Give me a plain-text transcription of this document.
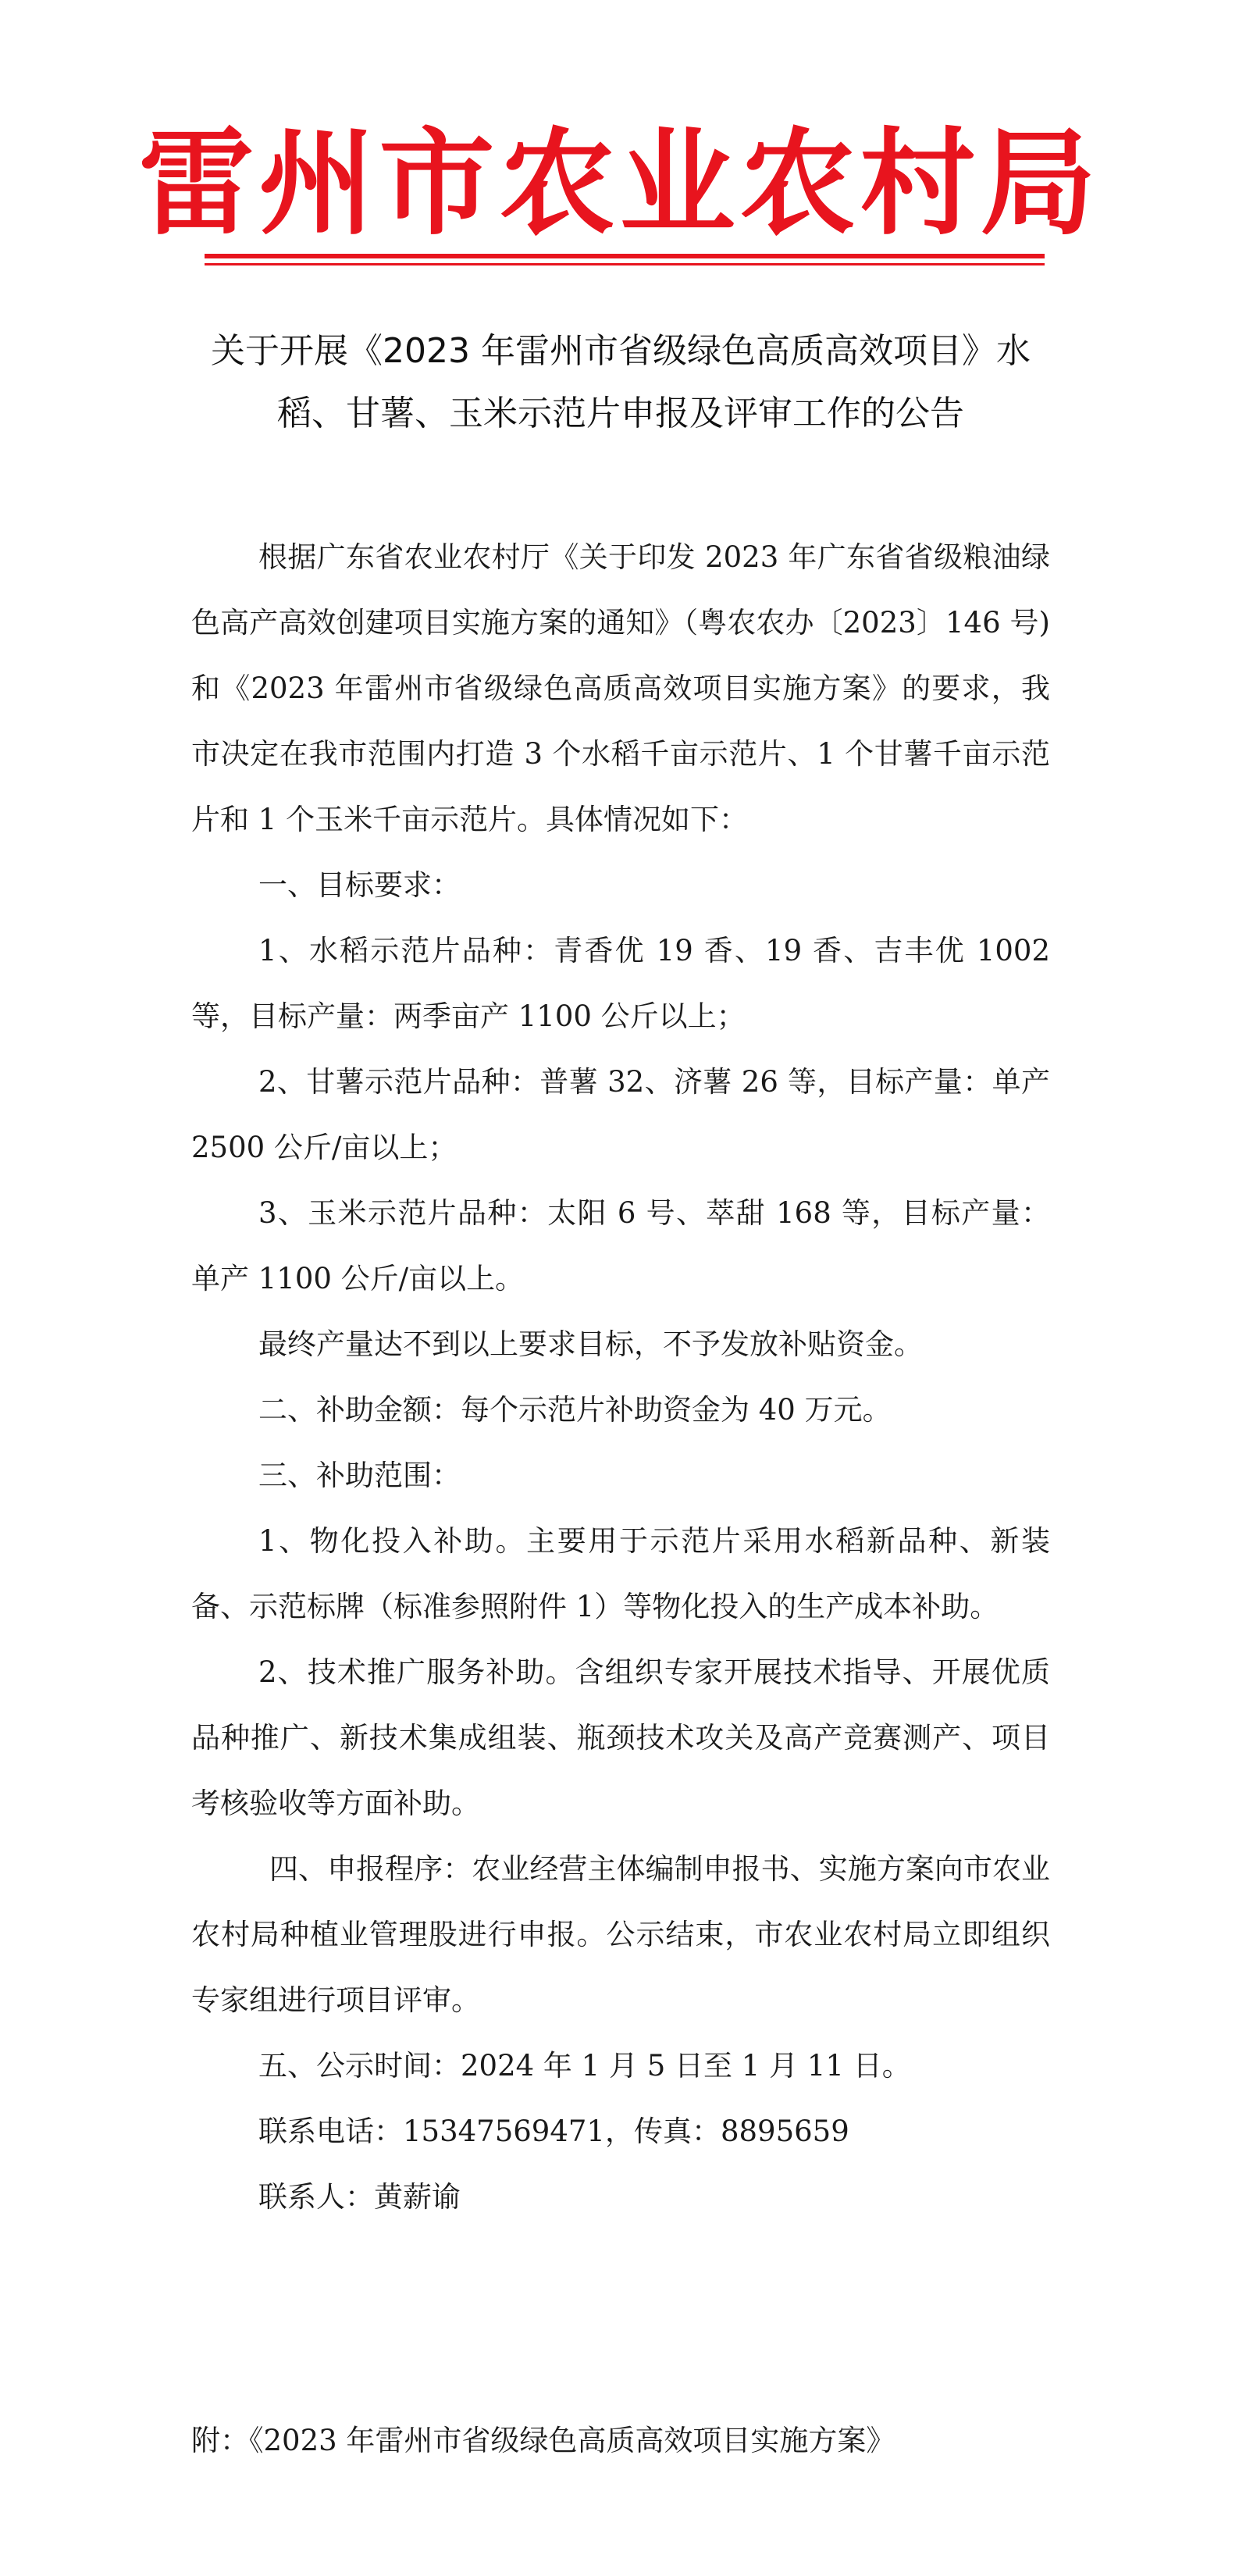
雷州市农业农村局
关于开展《2023 年雷州市省级绿色高质高效项目》水
稻、甘薯、玉米示范片申报及评审工作的公告

根据广东省农业农村厅《关于印发 2023 年广东省省级粮油绿色高产高效创建项目实施方案的通知》（粤农农办〔2023〕146 号)和《2023 年雷州市省级绿色高质高效项目实施方案》的要求，我市决定在我市范围内打造 3 个水稻千亩示范片、1 个甘薯千亩示范片和 1 个玉米千亩示范片。具体情况如下：

一、目标要求：

1、水稻示范片品种：青香优 19 香、19 香、吉丰优 1002 等，目标产量：两季亩产 1100 公斤以上；

2、甘薯示范片品种：普薯 32、济薯 26 等，目标产量：单产 2500 公斤/亩以上；

3、玉米示范片品种：太阳 6 号、萃甜 168 等，目标产量：单产 1100 公斤/亩以上。

最终产量达不到以上要求目标，不予发放补贴资金。

二、补助金额：每个示范片补助资金为 40 万元。

三、补助范围：

1、物化投入补助。主要用于示范片采用水稻新品种、新装备、示范标牌（标准参照附件 1）等物化投入的生产成本补助。

2、技术推广服务补助。含组织专家开展技术指导、开展优质品种推广、新技术集成组装、瓶颈技术攻关及高产竞赛测产、项目考核验收等方面补助。

四、申报程序：农业经营主体编制申报书、实施方案向市农业农村局种植业管理股进行申报。公示结束，市农业农村局立即组织专家组进行项目评审。

五、公示时间：2024 年 1 月 5 日至 1 月 11 日。

联系电话：15347569471，传真：8895659

联系人：黄薪谕

附：《2023 年雷州市省级绿色高质高效项目实施方案》
